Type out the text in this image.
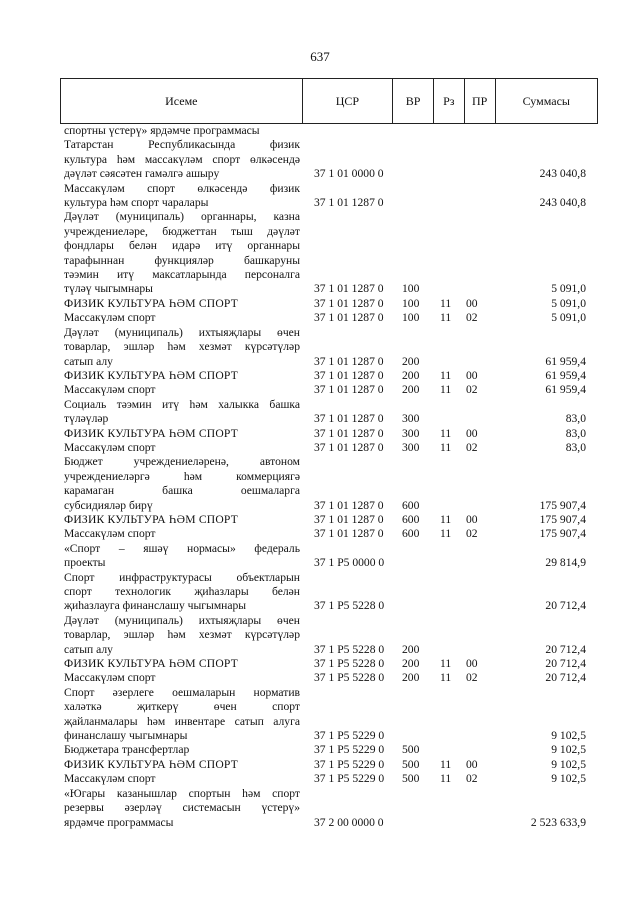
637
Исеме	ЦСР	ВР	Рз	ПР	Суммасы
спортны үстерү» ярдәмче программасы
Татарстан Республикасында физик
культура һәм массакүләм спорт өлкәсендә
дәүләт сәясәтен гамәлгә ашыру	37 1 01 0000 0	243 040,8
Массакүләм спорт өлкәсендә физик
культура һәм спорт чаралары	37 1 01 1287 0	243 040,8
Дәүләт (муниципаль) органнары, казна
учреждениеләре, бюджеттан тыш дәүләт
фондлары белән идарә итү органнары
тарафыннан функцияләр башкаруны
тәэмин итү максатларында персоналга
түләү чыгымнары	37 1 01 1287 0	100	5 091,0
ФИЗИК КУЛЬТУРА ҺӘМ СПОРТ	37 1 01 1287 0	100	11	00	5 091,0
Массакүләм спорт	37 1 01 1287 0	100	11	02	5 091,0
Дәүләт (муниципаль) ихтыяҗлары өчен
товарлар, эшләр һәм хезмәт күрсәтүләр
сатып алу	37 1 01 1287 0	200	61 959,4
ФИЗИК КУЛЬТУРА ҺӘМ СПОРТ	37 1 01 1287 0	200	11	00	61 959,4
Массакүләм спорт	37 1 01 1287 0	200	11	02	61 959,4
Социаль тәэмин итү һәм халыкка башка
түләүләр	37 1 01 1287 0	300	83,0
ФИЗИК КУЛЬТУРА ҺӘМ СПОРТ	37 1 01 1287 0	300	11	00	83,0
Массакүләм спорт	37 1 01 1287 0	300	11	02	83,0
Бюджет учреждениеләренә, автоном
учреждениеләргә һәм коммерциягә
карамаган башка оешмаларга
субсидияләр бирү	37 1 01 1287 0	600	175 907,4
ФИЗИК КУЛЬТУРА ҺӘМ СПОРТ	37 1 01 1287 0	600	11	00	175 907,4
Массакүләм спорт	37 1 01 1287 0	600	11	02	175 907,4
«Спорт – яшәү нормасы» федераль
проекты	37 1 P5 0000 0	29 814,9
Спорт инфраструктурасы объектларын
спорт технологик җиһазлары белән
җиһазлауга финанслашу чыгымнары	37 1 P5 5228 0	20 712,4
Дәүләт (муниципаль) ихтыяҗлары өчен
товарлар, эшләр һәм хезмәт күрсәтүләр
сатып алу	37 1 P5 5228 0	200	20 712,4
ФИЗИК КУЛЬТУРА ҺӘМ СПОРТ	37 1 P5 5228 0	200	11	00	20 712,4
Массакүләм спорт	37 1 P5 5228 0	200	11	02	20 712,4
Спорт әзерлеге оешмаларын норматив
халәткә җиткерү өчен спорт
җайланмалары һәм инвентаре сатып алуга
финанслашу чыгымнары	37 1 P5 5229 0	9 102,5
Бюджетара трансфертлар	37 1 P5 5229 0	500	9 102,5
ФИЗИК КУЛЬТУРА ҺӘМ СПОРТ	37 1 P5 5229 0	500	11	00	9 102,5
Массакүләм спорт	37 1 P5 5229 0	500	11	02	9 102,5
«Югары казанышлар спортын һәм спорт
резервы әзерләү системасын үстерү»
ярдәмче программасы	37 2 00 0000 0	2 523 633,9
